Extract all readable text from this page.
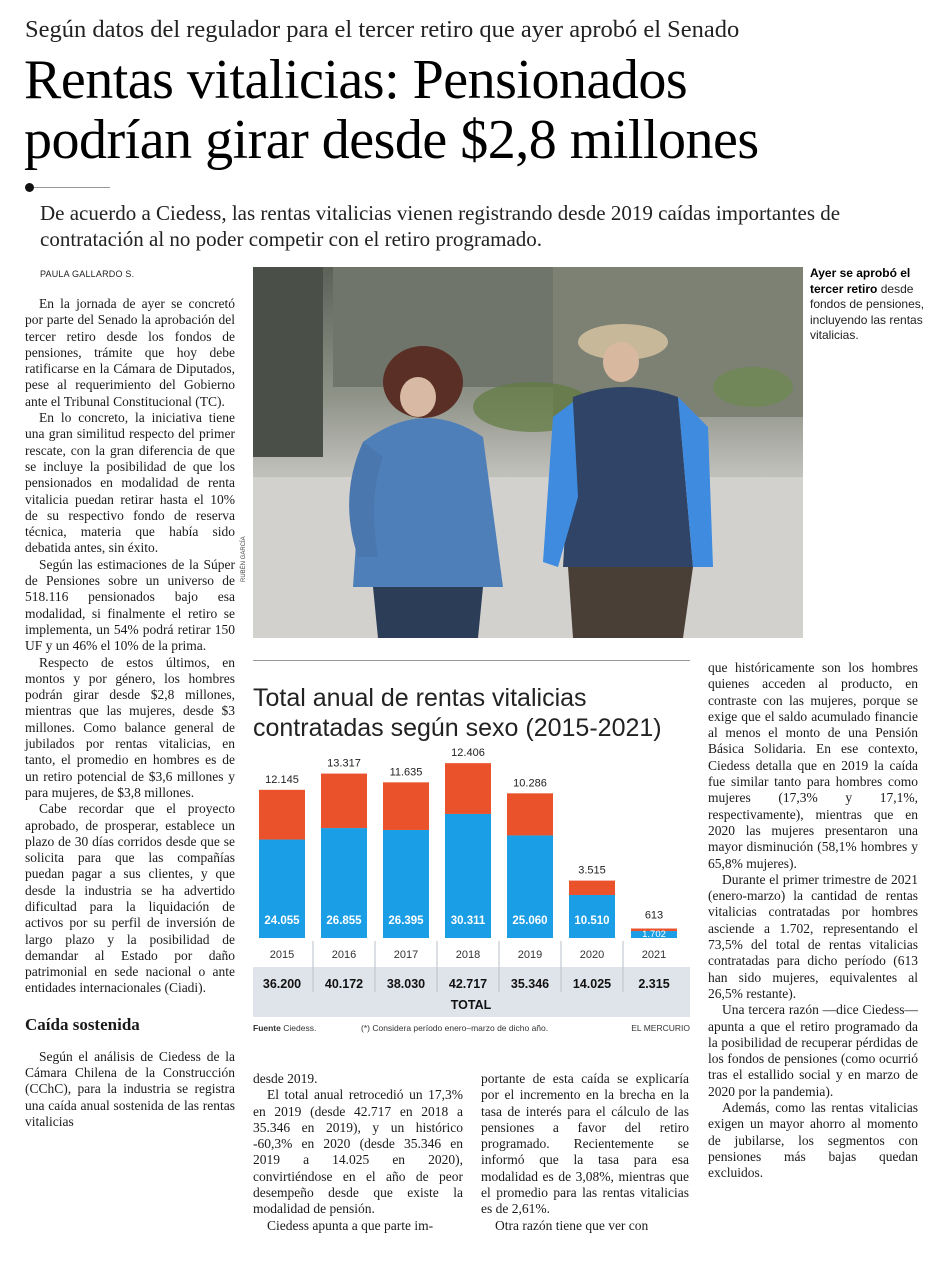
Según datos del regulador para el tercer retiro que ayer aprobó el Senado
Rentas vitalicias: Pensionados
podrían girar desde $2,8 millones
De acuerdo a Ciedess, las rentas vitalicias vienen registrando desde 2019 caídas importantes de contratación al no poder competir con el retiro programado.
PAULA GALLARDO S.

En la jornada de ayer se concretó por parte del Senado la aprobación del tercer retiro desde los fondos de pensiones, trámite que hoy debe ratificarse en la Cámara de Diputados, pese al requerimiento del Gobierno ante el Tribunal Constitucional (TC).

En lo concreto, la iniciativa tiene una gran similitud respecto del primer rescate, con la gran diferencia de que se incluye la posibilidad de que los pensionados en modalidad de renta vitalicia puedan retirar hasta el 10% de su respectivo fondo de reserva técnica, materia que había sido debatida antes, sin éxito.

Según las estimaciones de la Súper de Pensiones sobre un universo de 518.116 pensionados bajo esa modalidad, si finalmente el retiro se implementa, un 54% podrá retirar 150 UF y un 46% el 10% de la prima.

Respecto de estos últimos, en montos y por género, los hombres podrán girar desde $2,8 millones, mientras que las mujeres, desde $3 millones. Como balance general de jubilados por rentas vitalicias, en tanto, el promedio en hombres es de un retiro potencial de $3,6 millones y para mujeres, de $3,8 millones.

Cabe recordar que el proyecto aprobado, de prosperar, establece un plazo de 30 días corridos desde que se solicita para que las compañías puedan pagar a sus clientes, y que desde la industria se ha advertido dificultad para la liquidación de activos por su perfil de inversión de largo plazo y la posibilidad de demandar al Estado por daño patrimonial en sede nacional o ante entidades internacionales (Ciadi).

Caída sostenida

Según el análisis de Ciedess de la Cámara Chilena de la Construcción (CChC), para la industria se registra una caída anual sostenida de las rentas vitalicias

RUBÉN GARCÍA
Ayer se aprobó el tercer retiro desde fondos de pensiones, incluyendo las rentas vitalicias.
Total anual de rentas vitalicias contratadas según sexo (2015-2021)
24.055
12.145
2015
36.200
26.855
13.317
2016
40.172
26.395
11.635
2017
38.030
30.311
12.406
2018
42.717
25.060
10.286
2019
35.346
10.510
3.515
2020
14.025
1.702
613
2021
2.315
TOTAL
Fuente Ciedess.	(*) Considera período enero–marzo de dicho año.	EL MERCURIO

desde 2019.

El total anual retrocedió un 17,3% en 2019 (desde 42.717 en 2018 a 35.346 en 2019), y un histórico -60,3% en 2020 (desde 35.346 en 2019 a 14.025 en 2020), convirtiéndose en el año de peor desempeño desde que existe la modalidad de pensión.

Ciedess apunta a que parte im-

portante de esta caída se explicaría por el incremento en la brecha en la tasa de interés para el cálculo de las pensiones a favor del retiro programado. Recientemente se informó que la tasa para esa modalidad es de 3,08%, mientras que el promedio para las rentas vitalicias es de 2,61%.

Otra razón tiene que ver con

que históricamente son los hombres quienes acceden al producto, en contraste con las mujeres, porque se exige que el saldo acumulado financie al menos el monto de una Pensión Básica Solidaria. En ese contexto, Ciedess detalla que en 2019 la caída fue similar tanto para hombres como mujeres (17,3% y 17,1%, respectivamente), mientras que en 2020 las mujeres presentaron una mayor disminución (58,1% hombres y 65,8% mujeres).

Durante el primer trimestre de 2021 (enero-marzo) la cantidad de rentas vitalicias contratadas por hombres asciende a 1.702, representando el 73,5% del total de rentas vitalicias contratadas para dicho período (613 han sido mujeres, equivalentes al 26,5% restante).

Una tercera razón —dice Ciedess— apunta a que el retiro programado da la posibilidad de recuperar pérdidas de los fondos de pensiones (como ocurrió tras el estallido social y en marzo de 2020 por la pandemia).

Además, como las rentas vitalicias exigen un mayor ahorro al momento de jubilarse, los segmentos con pensiones más bajas quedan excluidos.
